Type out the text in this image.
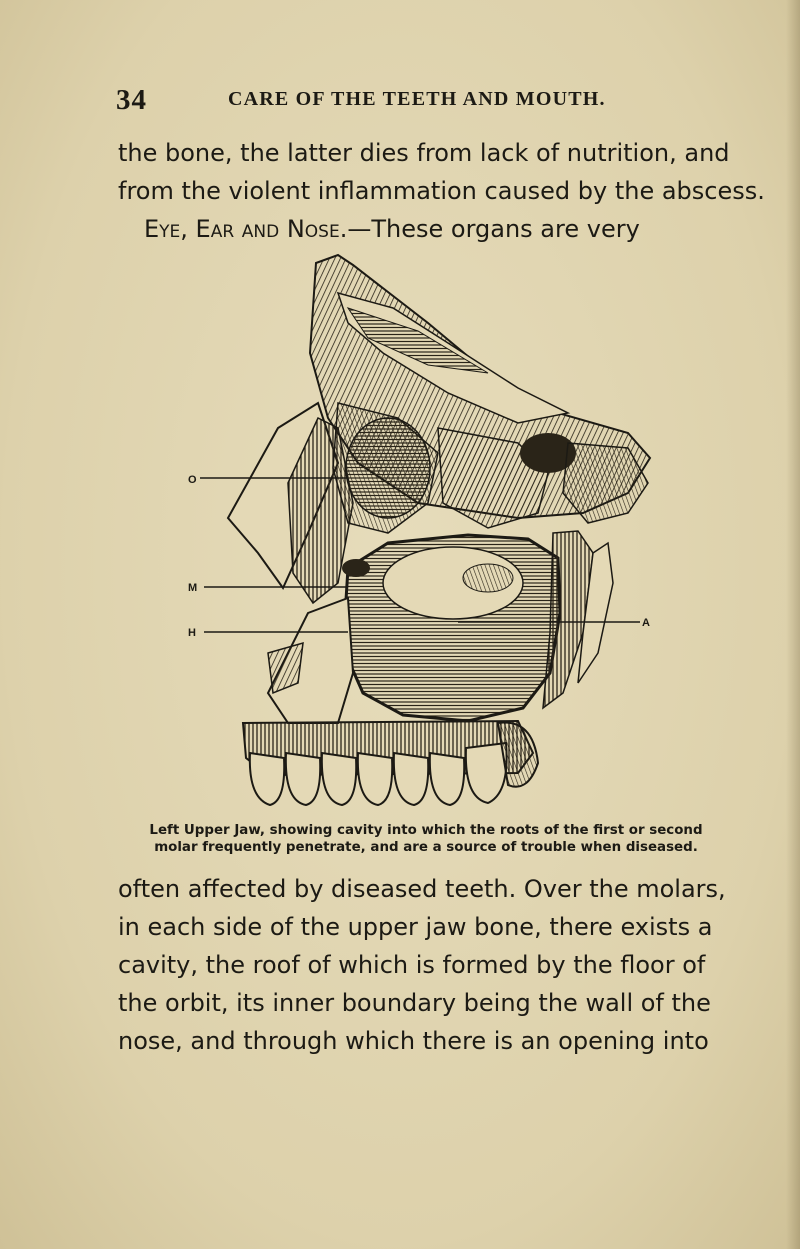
34	CARE OF THE TEETH AND MOUTH.
the bone, the latter dies from lack of nutrition, and
from the violent inflammation caused by the abscess.
Eye, Ear and Nose.—These organs are very
O
M
H
A
Left Upper Jaw, showing cavity into which the roots of the first or second
molar frequently penetrate, and are a source of trouble when diseased.
often affected by diseased teeth. Over the molars,
in each side of the upper jaw bone, there exists a
cavity, the roof of which is formed by the floor of
the orbit, its inner boundary being the wall of the
nose, and through which there is an opening into
